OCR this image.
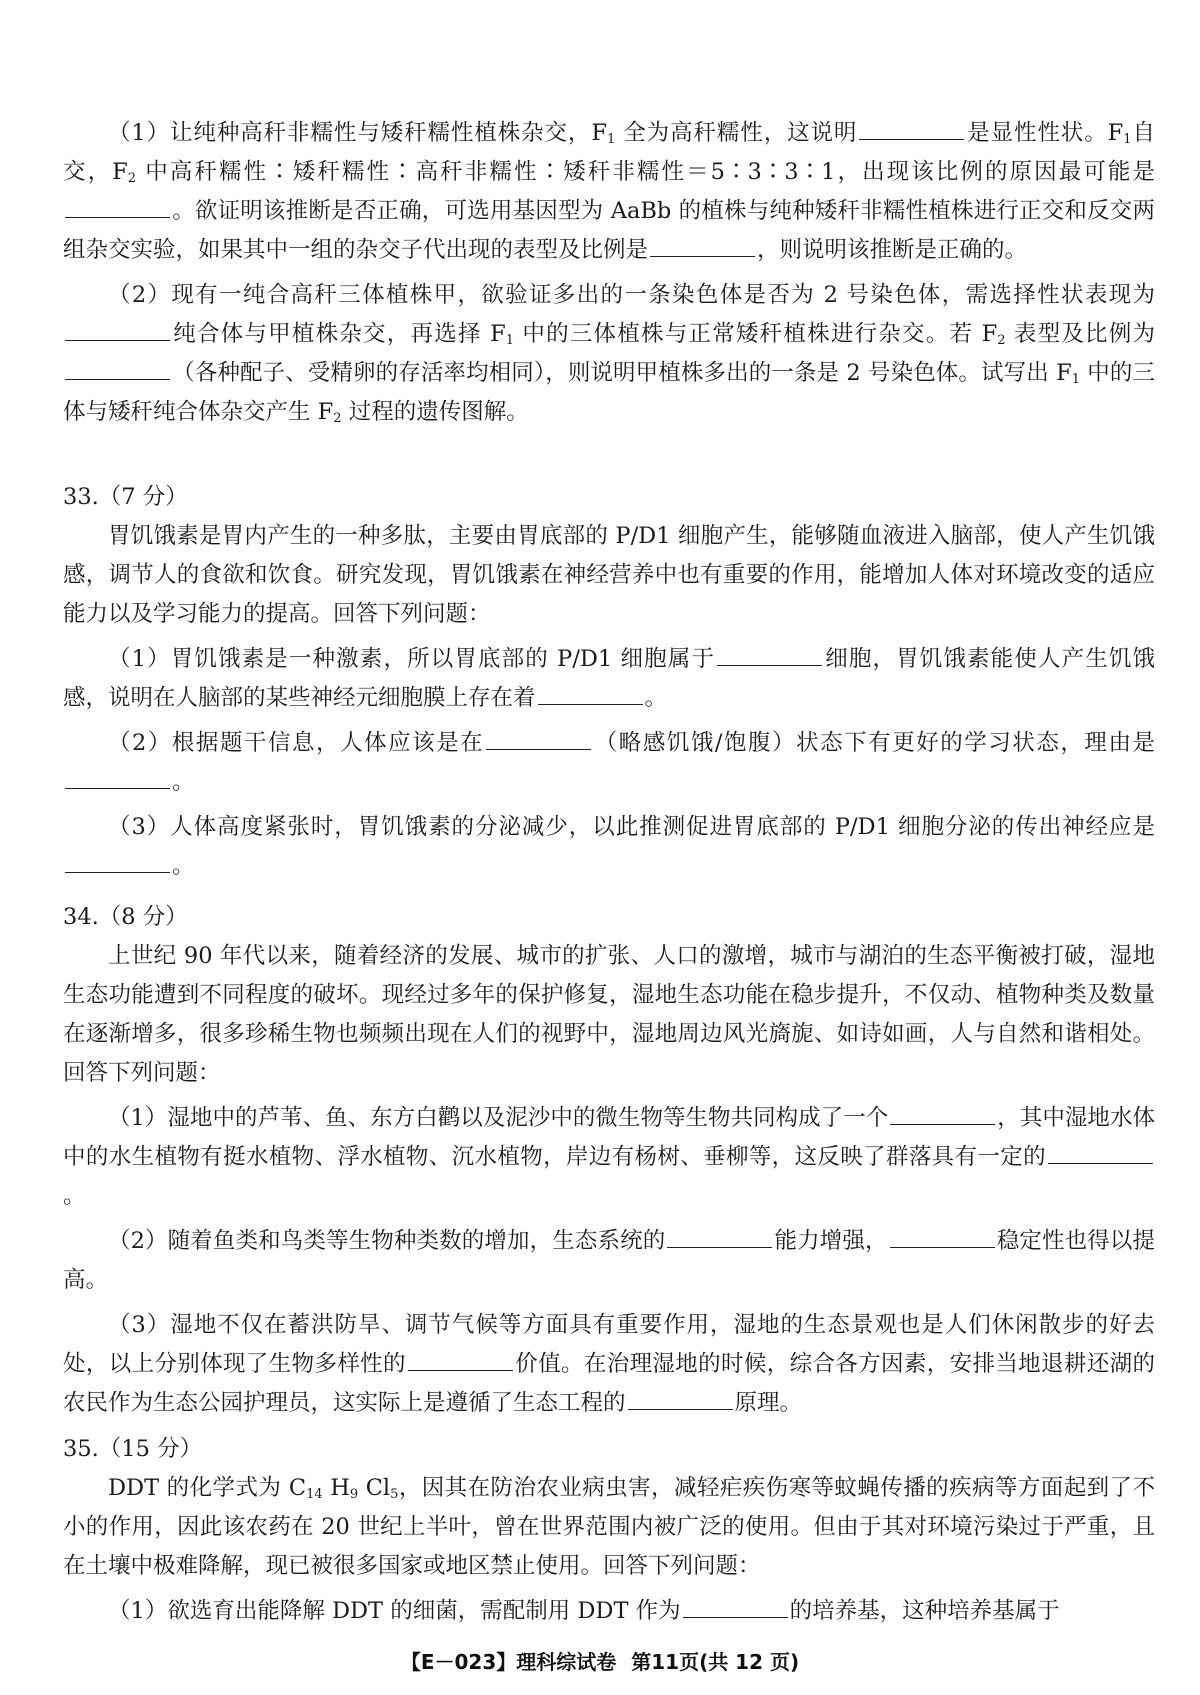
（1）让纯种高秆非糯性与矮秆糯性植株杂交，$F_1$ 全为高秆糯性，这说明	是显性性状。$F_1$自交，$F_2$ 中高秆糯性∶矮秆糯性∶高秆非糯性∶矮秆非糯性＝5∶3∶3∶1，出现该比例的原因最可能是。欲证明该推断是否正确，可选用基因型为 AaBb 的植株与纯种矮秆非糯性植株进行正交和反交两组杂交实验，如果其中一组的杂交子代出现的表型及比例是	，则说明该推断是正确的。

（2）现有一纯合高秆三体植株甲，欲验证多出的一条染色体是否为 2 号染色体，需选择性状表现为纯合体与甲植株杂交，再选择 $F_1$ 中的三体植株与正常矮秆植株进行杂交。若 $F_2$ 表型及比例为（各种配子、受精卵的存活率均相同），则说明甲植株多出的一条是 2 号染色体。试写出 $F_1$ 中的三体与矮秆纯合体杂交产生 $F_2$ 过程的遗传图解。

33.（7 分）

胃饥饿素是胃内产生的一种多肽，主要由胃底部的 P/D1 细胞产生，能够随血液进入脑部，使人产生饥饿感，调节人的食欲和饮食。研究发现，胃饥饿素在神经营养中也有重要的作用，能增加人体对环境改变的适应能力以及学习能力的提高。回答下列问题：

（1）胃饥饿素是一种激素，所以胃底部的 P/D1 细胞属于	细胞，胃饥饿素能使人产生饥饿感，说明在人脑部的某些神经元细胞膜上存在着	。

（2）根据题干信息，人体应该是在	（略感饥饿/饱腹）状态下有更好的学习状态，理由是。

（3）人体高度紧张时，胃饥饿素的分泌减少，以此推测促进胃底部的 P/D1 细胞分泌的传出神经应是。

34.（8 分）

上世纪 90 年代以来，随着经济的发展、城市的扩张、人口的激增，城市与湖泊的生态平衡被打破，湿地生态功能遭到不同程度的破坏。现经过多年的保护修复，湿地生态功能在稳步提升，不仅动、植物种类及数量在逐渐增多，很多珍稀生物也频频出现在人们的视野中，湿地周边风光旖旎、如诗如画，人与自然和谐相处。回答下列问题：

（1）湿地中的芦苇、鱼、东方白鹳以及泥沙中的微生物等生物共同构成了一个	，其中湿地水体中的水生植物有挺水植物、浮水植物、沉水植物，岸边有杨树、垂柳等，这反映了群落具有一定的。

（2）随着鱼类和鸟类等生物种类数的增加，生态系统的	能力增强，	稳定性也得以提高。

（3）湿地不仅在蓄洪防旱、调节气候等方面具有重要作用，湿地的生态景观也是人们休闲散步的好去处，以上分别体现了生物多样性的	价值。在治理湿地的时候，综合各方因素，安排当地退耕还湖的农民作为生态公园护理员，这实际上是遵循了生态工程的	原理。

35.（15 分）

DDT 的化学式为 $C_{14}$ $H_9$ $Cl_5$，因其在防治农业病虫害，减轻疟疾伤寒等蚊蝇传播的疾病等方面起到了不小的作用，因此该农药在 20 世纪上半叶，曾在世界范围内被广泛的使用。但由于其对环境污染过于严重，且在土壤中极难降解，现已被很多国家或地区禁止使用。回答下列问题：

（1）欲选育出能降解 DDT 的细菌，需配制用 DDT 作为	的培养基，这种培养基属于

【E－023】理科综试卷 第11页(共 12 页)
